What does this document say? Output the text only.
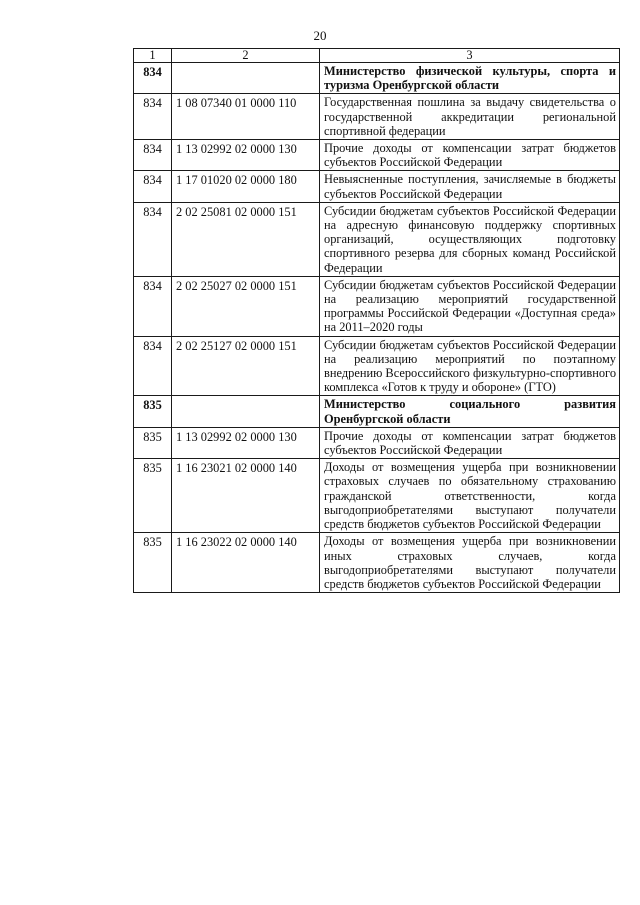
20
1	2	3
834		Министерство физической культуры, спорта и туризма Оренбургской области
834	1 08 07340 01 0000 110	Государственная пошлина за выдачу свидетельства о государственной аккредитации региональной спортивной федерации
834	1 13 02992 02 0000 130	Прочие доходы от компенсации затрат бюджетов субъектов Российской Федерации
834	1 17 01020 02 0000 180	Невыясненные поступления, зачисляемые в бюджеты субъектов Российской Федерации
834	2 02 25081 02 0000 151	Субсидии бюджетам субъектов Российской Федерации на адресную финансовую поддержку спортивных организаций, осуществляющих подготовку спортивного резерва для сборных команд Российской Федерации
834	2 02 25027 02 0000 151	Субсидии бюджетам субъектов Российской Федерации на реализацию мероприятий государственной программы Российской Федерации «Доступная среда» на 2011–2020 годы
834	2 02 25127 02 0000 151	Субсидии бюджетам субъектов Российской Федерации на реализацию мероприятий по поэтапному внедрению Всероссийского физкультурно-спортивного комплекса «Готов к труду и обороне» (ГТО)
835		Министерство социального развития Оренбургской области
835	1 13 02992 02 0000 130	Прочие доходы от компенсации затрат бюджетов субъектов Российской Федерации
835	1 16 23021 02 0000 140	Доходы от возмещения ущерба при возникновении страховых случаев по обязательному страхованию гражданской ответственности, когда выгодоприобретателями выступают получатели средств бюджетов субъектов Российской Федерации
835	1 16 23022 02 0000 140	Доходы от возмещения ущерба при возникновении иных страховых случаев, когда выгодоприобретателями выступают получатели средств бюджетов субъектов Российской Федерации
